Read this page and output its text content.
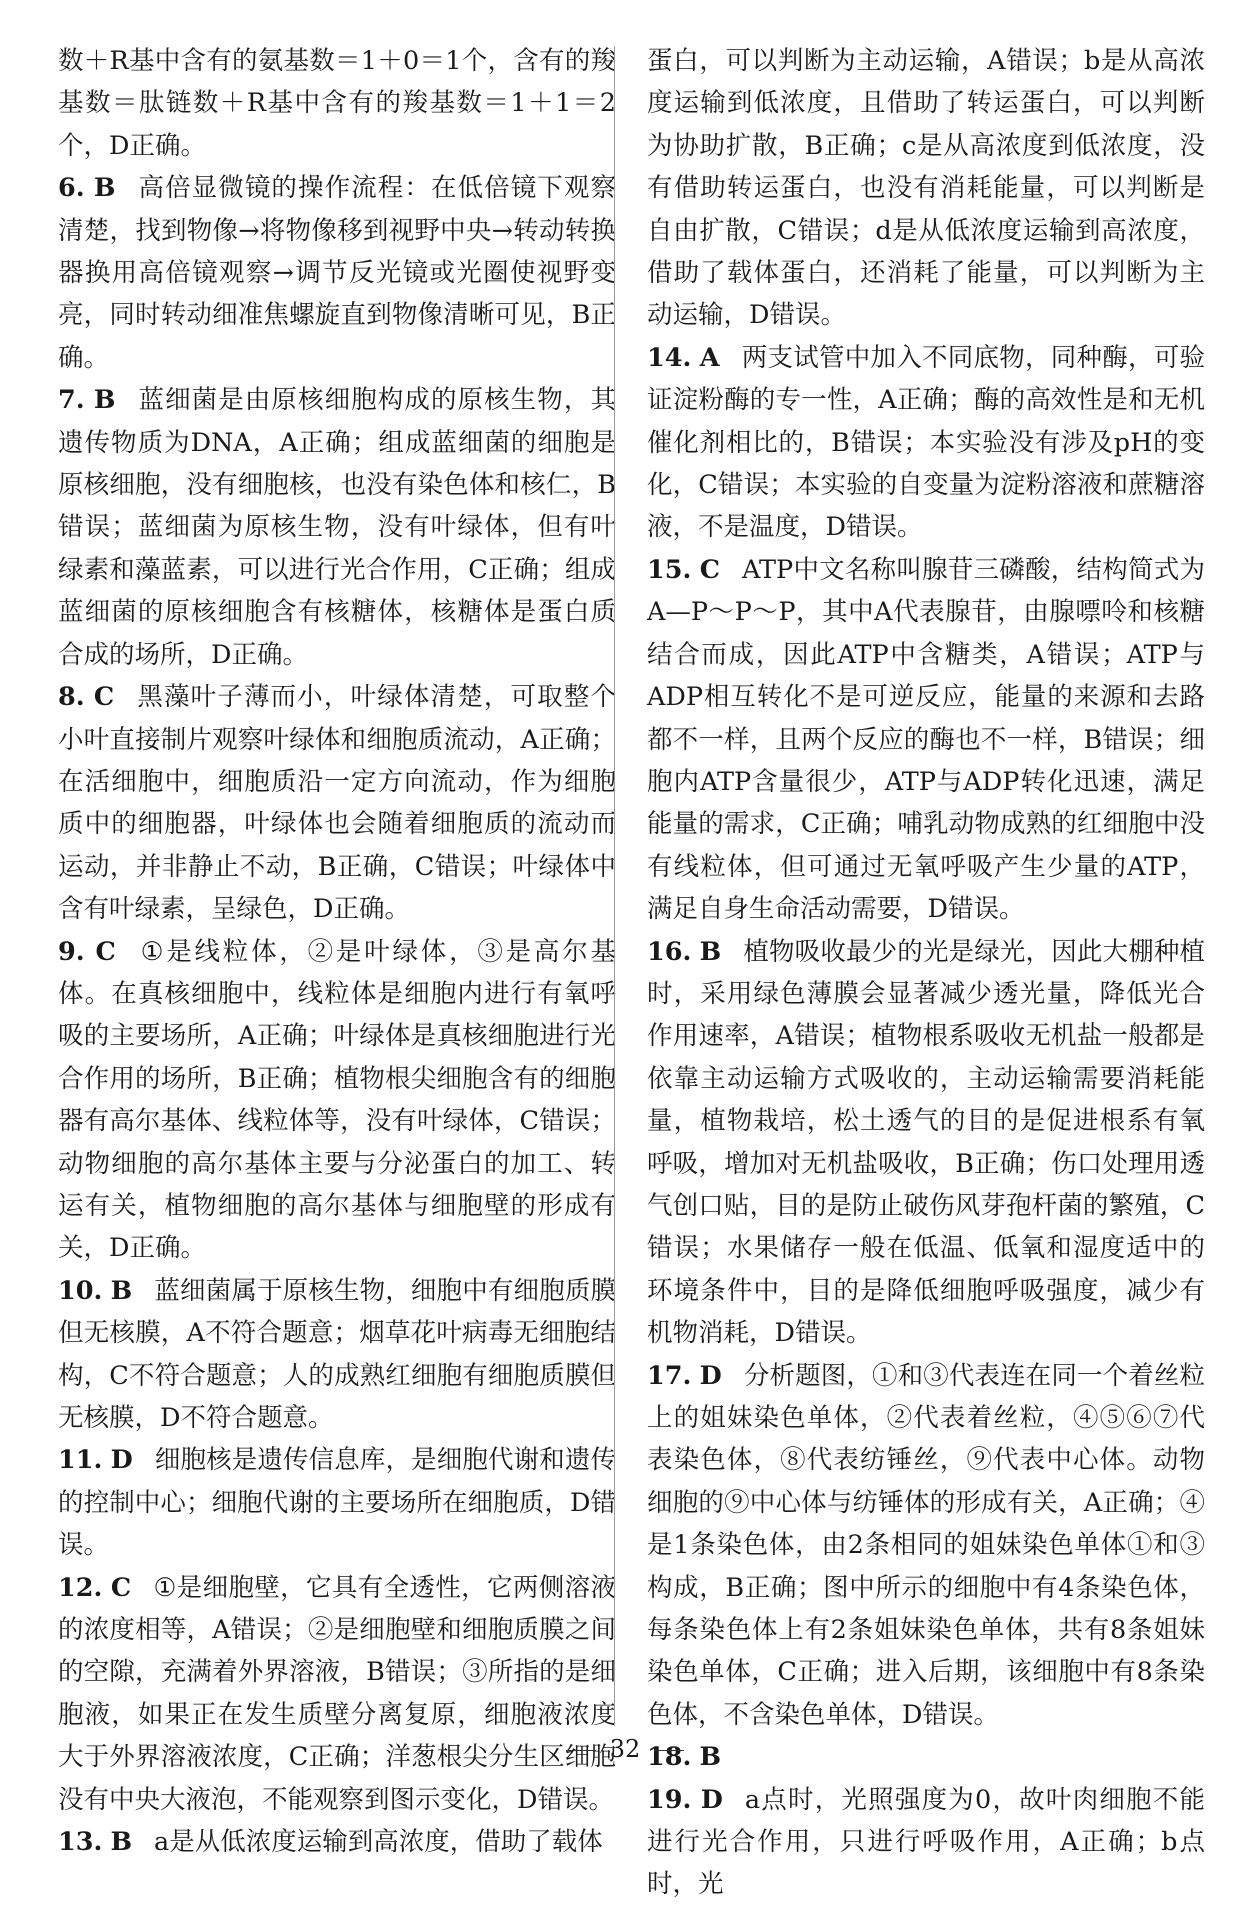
数＋R基中含有的氨基数＝1＋0＝1个，含有的羧基数＝肽链数＋R基中含有的羧基数＝1＋1＝2个，D正确。

6. B 高倍显微镜的操作流程：在低倍镜下观察清楚，找到物像→将物像移到视野中央→转动转换器换用高倍镜观察→调节反光镜或光圈使视野变亮，同时转动细准焦螺旋直到物像清晰可见，B正确。

7. B 蓝细菌是由原核细胞构成的原核生物，其遗传物质为DNA，A正确；组成蓝细菌的细胞是原核细胞，没有细胞核，也没有染色体和核仁，B错误；蓝细菌为原核生物，没有叶绿体，但有叶绿素和藻蓝素，可以进行光合作用，C正确；组成蓝细菌的原核细胞含有核糖体，核糖体是蛋白质合成的场所，D正确。

8. C 黑藻叶子薄而小，叶绿体清楚，可取整个小叶直接制片观察叶绿体和细胞质流动，A正确；在活细胞中，细胞质沿一定方向流动，作为细胞质中的细胞器，叶绿体也会随着细胞质的流动而运动，并非静止不动，B正确，C错误；叶绿体中含有叶绿素，呈绿色，D正确。

9. C ①是线粒体，②是叶绿体，③是高尔基体。在真核细胞中，线粒体是细胞内进行有氧呼吸的主要场所，A正确；叶绿体是真核细胞进行光合作用的场所，B正确；植物根尖细胞含有的细胞器有高尔基体、线粒体等，没有叶绿体，C错误；动物细胞的高尔基体主要与分泌蛋白的加工、转运有关，植物细胞的高尔基体与细胞壁的形成有关，D正确。

10. B 蓝细菌属于原核生物，细胞中有细胞质膜但无核膜，A不符合题意；烟草花叶病毒无细胞结构，C不符合题意；人的成熟红细胞有细胞质膜但无核膜，D不符合题意。

11. D 细胞核是遗传信息库，是细胞代谢和遗传的控制中心；细胞代谢的主要场所在细胞质，D错误。

12. C ①是细胞壁，它具有全透性，它两侧溶液的浓度相等，A错误；②是细胞壁和细胞质膜之间的空隙，充满着外界溶液，B错误；③所指的是细胞液，如果正在发生质壁分离复原，细胞液浓度大于外界溶液浓度，C正确；洋葱根尖分生区细胞没有中央大液泡，不能观察到图示变化，D错误。

13. B a是从低浓度运输到高浓度，借助了载体

蛋白，可以判断为主动运输，A错误；b是从高浓度运输到低浓度，且借助了转运蛋白，可以判断为协助扩散，B正确；c是从高浓度到低浓度，没有借助转运蛋白，也没有消耗能量，可以判断是自由扩散，C错误；d是从低浓度运输到高浓度，借助了载体蛋白，还消耗了能量，可以判断为主动运输，D错误。

14. A 两支试管中加入不同底物，同种酶，可验证淀粉酶的专一性，A正确；酶的高效性是和无机催化剂相比的，B错误；本实验没有涉及pH的变化，C错误；本实验的自变量为淀粉溶液和蔗糖溶液，不是温度，D错误。

15. C ATP中文名称叫腺苷三磷酸，结构简式为A—P～P～P，其中A代表腺苷，由腺嘌呤和核糖结合而成，因此ATP中含糖类，A错误；ATP与ADP相互转化不是可逆反应，能量的来源和去路都不一样，且两个反应的酶也不一样，B错误；细胞内ATP含量很少，ATP与ADP转化迅速，满足能量的需求，C正确；哺乳动物成熟的红细胞中没有线粒体，但可通过无氧呼吸产生少量的ATP，满足自身生命活动需要，D错误。

16. B 植物吸收最少的光是绿光，因此大棚种植时，采用绿色薄膜会显著减少透光量，降低光合作用速率，A错误；植物根系吸收无机盐一般都是依靠主动运输方式吸收的，主动运输需要消耗能量，植物栽培，松土透气的目的是促进根系有氧呼吸，增加对无机盐吸收，B正确；伤口处理用透气创口贴，目的是防止破伤风芽孢杆菌的繁殖，C错误；水果储存一般在低温、低氧和湿度适中的环境条件中，目的是降低细胞呼吸强度，减少有机物消耗，D错误。

17. D 分析题图，①和③代表连在同一个着丝粒上的姐妹染色单体，②代表着丝粒，④⑤⑥⑦代表染色体，⑧代表纺锤丝，⑨代表中心体。动物细胞的⑨中心体与纺锤体的形成有关，A正确；④是1条染色体，由2条相同的姐妹染色单体①和③构成，B正确；图中所示的细胞中有4条染色体，每条染色体上有2条姐妹染色单体，共有8条姐妹染色单体，C正确；进入后期，该细胞中有8条染色体，不含染色单体，D错误。

18. B

19. D a点时，光照强度为0，故叶肉细胞不能进行光合作用，只进行呼吸作用，A正确；b点时，光

32
